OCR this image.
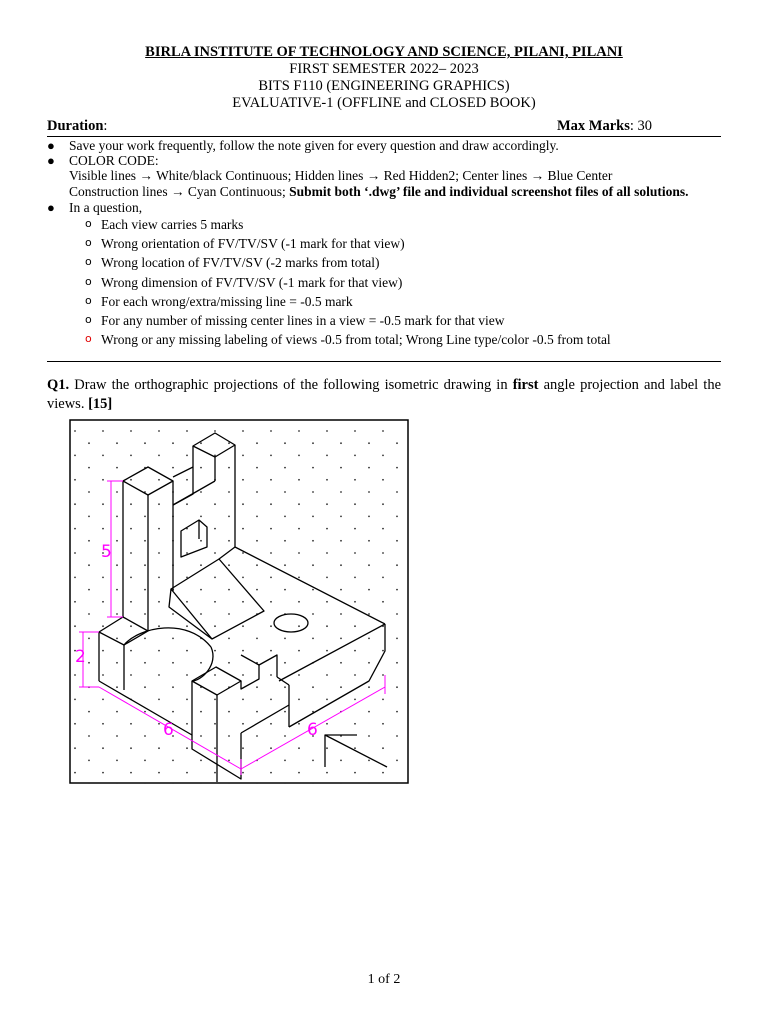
BIRLA INSTITUTE OF TECHNOLOGY AND SCIENCE, PILANI, PILANI
FIRST SEMESTER 2022– 2023
BITS F110 (ENGINEERING GRAPHICS)
EVALUATIVE-1 (OFFLINE and CLOSED BOOK)
Duration:	Max Marks: 30
● Save your work frequently, follow the note given for every question and draw accordingly.
● COLOR CODE:
Visible lines → White/black Continuous; Hidden lines → Red Hidden2; Center lines → Blue Center
Construction lines → Cyan Continuous; Submit both ‘.dwg’ file and individual screenshot files of all solutions.
● In a question,
o Each view carries 5 marks
o Wrong orientation of FV/TV/SV (-1 mark for that view)
o Wrong location of FV/TV/SV (-2 marks from total)
o Wrong dimension of FV/TV/SV (-1 mark for that view)
o For each wrong/extra/missing line = -0.5 mark
o For any number of missing center lines in a view = -0.5 mark for that view
o Wrong or any missing labeling of views -0.5 from total; Wrong Line type/color -0.5 from total
Q1. Draw the orthographic projections of the following isometric drawing in first angle projection and label the views. [15]
5
2
6	6
1 of 2
